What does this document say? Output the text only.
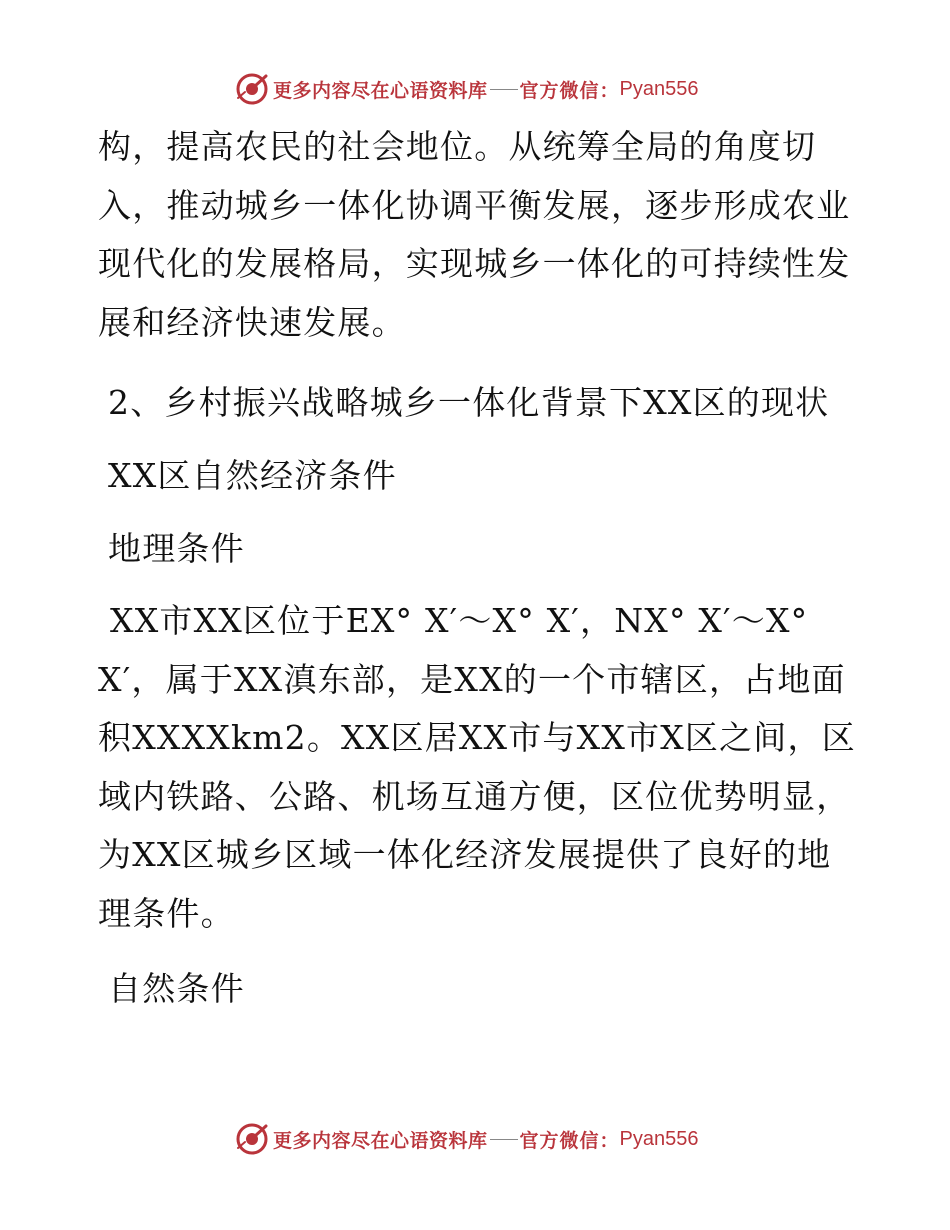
更多内容尽在心语资料库 官方微信： Pyan556

构，提高农民的社会地位。从统筹全局的角度切入，推动城乡一体化协调平衡发展，逐步形成农业现代化的发展格局，实现城乡一体化的可持续性发展和经济快速发展。

2、乡村振兴战略城乡一体化背景下XX区的现状
XX区自然经济条件
地理条件

XX市XX区位于EX° X′～X° X′，NX° X′～X° X′，属于XX滇东部，是XX的一个市辖区，占地面积XXXXkm2。XX区居XX市与XX市X区之间，区域内铁路、公路、机场互通方便，区位优势明显，为XX区城乡区域一体化经济发展提供了良好的地理条件。

自然条件
更多内容尽在心语资料库 官方微信： Pyan556
